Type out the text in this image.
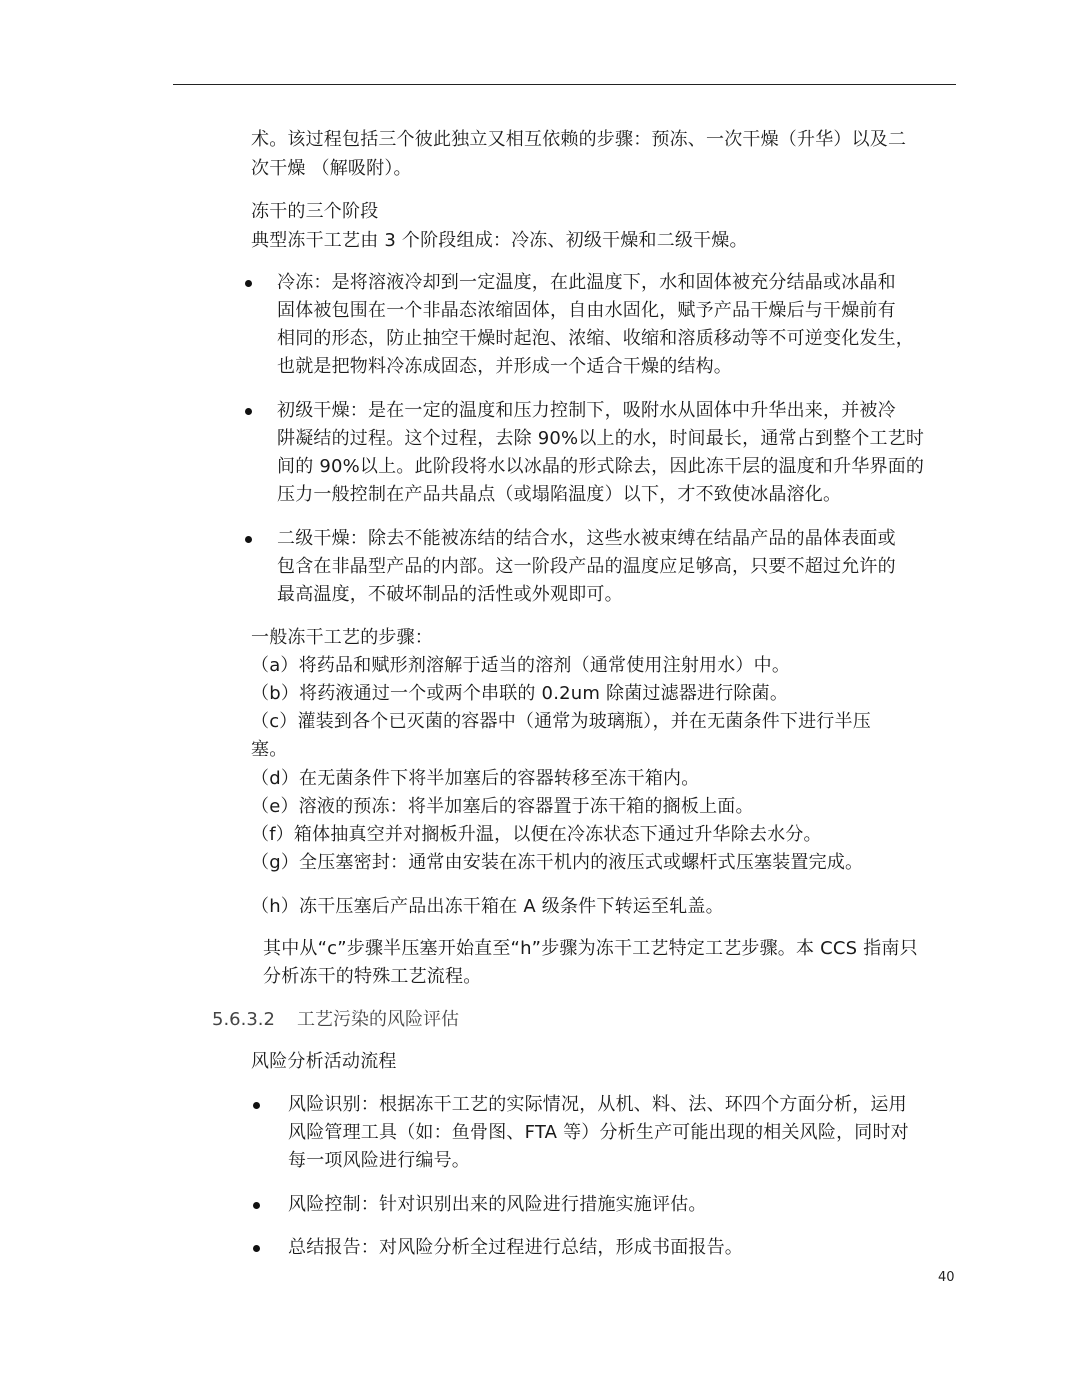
术。该过程包括三个彼此独立又相互依赖的步骤：预冻、一次干燥（升华）以及二
次干燥 （解吸附）。
冻干的三个阶段
典型冻干工艺由 3 个阶段组成：冷冻、初级干燥和二级干燥。
冷冻：是将溶液冷却到一定温度，在此温度下，水和固体被充分结晶或冰晶和
固体被包围在一个非晶态浓缩固体，自由水固化，赋予产品干燥后与干燥前有
相同的形态，防止抽空干燥时起泡、浓缩、收缩和溶质移动等不可逆变化发生，
也就是把物料冷冻成固态，并形成一个适合干燥的结构。
初级干燥：是在一定的温度和压力控制下，吸附水从固体中升华出来，并被冷
阱凝结的过程。这个过程，去除 90%以上的水，时间最长，通常占到整个工艺时
间的 90%以上。此阶段将水以冰晶的形式除去，因此冻干层的温度和升华界面的
压力一般控制在产品共晶点（或塌陷温度）以下，才不致使冰晶溶化。
二级干燥：除去不能被冻结的结合水，这些水被束缚在结晶产品的晶体表面或
包含在非晶型产品的内部。这一阶段产品的温度应足够高，只要不超过允许的
最高温度，不破坏制品的活性或外观即可。
一般冻干工艺的步骤：
（a）将药品和赋形剂溶解于适当的溶剂（通常使用注射用水）中。
（b）将药液通过一个或两个串联的 0.2um 除菌过滤器进行除菌。
（c）灌装到各个已灭菌的容器中（通常为玻璃瓶），并在无菌条件下进行半压
塞。
（d）在无菌条件下将半加塞后的容器转移至冻干箱内。
（e）溶液的预冻：将半加塞后的容器置于冻干箱的搁板上面。
（f）箱体抽真空并对搁板升温，以便在冷冻状态下通过升华除去水分。
（g）全压塞密封：通常由安装在冻干机内的液压式或螺杆式压塞装置完成。
（h）冻干压塞后产品出冻干箱在 A 级条件下转运至轧盖。
其中从“c”步骤半压塞开始直至“h”步骤为冻干工艺特定工艺步骤。本 CCS 指南只
分析冻干的特殊工艺流程。
5.6.3.2 工艺污染的风险评估
风险分析活动流程
风险识别：根据冻干工艺的实际情况，从机、料、法、环四个方面分析，运用
风险管理工具（如：鱼骨图、FTA 等）分析生产可能出现的相关风险，同时对
每一项风险进行编号。
风险控制：针对识别出来的风险进行措施实施评估。
总结报告：对风险分析全过程进行总结，形成书面报告。
40
